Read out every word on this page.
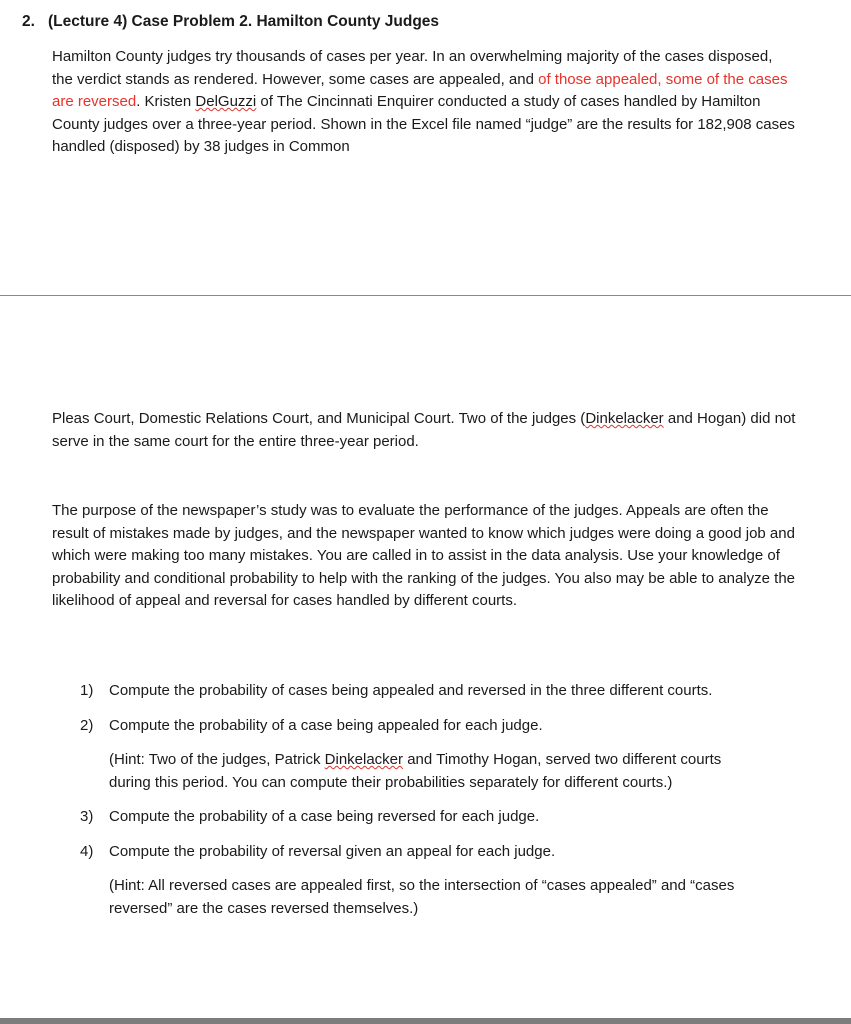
2. (Lecture 4) Case Problem 2. Hamilton County Judges

Hamilton County judges try thousands of cases per year. In an overwhelming majority of the cases disposed, the verdict stands as rendered. However, some cases are appealed, and of those appealed, some of the cases are reversed. Kristen DelGuzzi of The Cincinnati Enquirer conducted a study of cases handled by Hamilton County judges over a three-year period. Shown in the Excel file named “judge” are the results for 182,908 cases handled (disposed) by 38 judges in Common

Pleas Court, Domestic Relations Court, and Municipal Court. Two of the judges (Dinkelacker and Hogan) did not serve in the same court for the entire three-year period.

The purpose of the newspaper’s study was to evaluate the performance of the judges. Appeals are often the result of mistakes made by judges, and the newspaper wanted to know which judges were doing a good job and which were making too many mistakes. You are called in to assist in the data analysis. Use your knowledge of probability and conditional probability to help with the ranking of the judges. You also may be able to analyze the likelihood of appeal and reversal for cases handled by different courts.

1) Compute the probability of cases being appealed and reversed in the three different courts.
2) Compute the probability of a case being appealed for each judge.
(Hint: Two of the judges, Patrick Dinkelacker and Timothy Hogan, served two different courts during this period. You can compute their probabilities separately for different courts.)
3) Compute the probability of a case being reversed for each judge.
4) Compute the probability of reversal given an appeal for each judge.
(Hint: All reversed cases are appealed first, so the intersection of “cases appealed” and “cases reversed” are the cases reversed themselves.)
